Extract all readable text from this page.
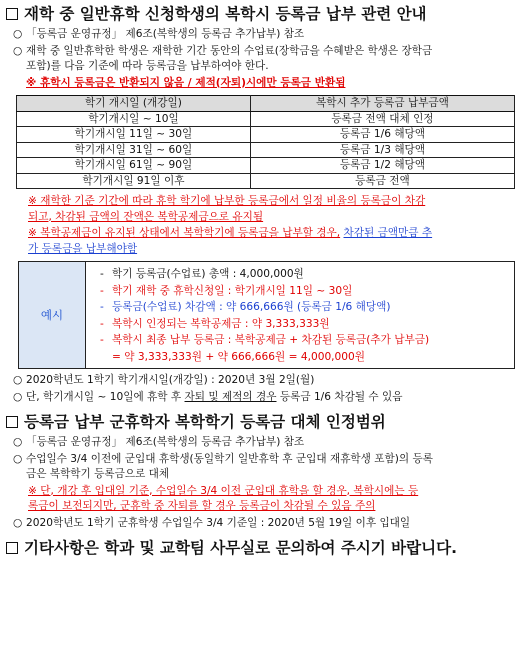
재학 중 일반휴학 신청학생의 복학시 등록금 납부 관련 안내
○ 「등록금 운영규정」 제6조(복학생의 등록금 추가납부) 참조
○ 재학 중 일반휴학한 학생은 재학한 기간 동안의 수업료(장학금을 수혜받은 학생은 장학금
포함)를 다음 기준에 따라 등록금을 납부하여야 한다.
※ 휴학시 등록금은 반환되지 않음 / 제적(자퇴)시에만 등록금 반환됨
학기 개시일 (개강일)	복학시 추가 등록금 납부금액
학기개시일 ~ 10일	등록금 전액 대체 인정
학기개시일 11일 ~ 30일	등록금 1/6 해당액
학기개시일 31일 ~ 60일	등록금 1/3 해당액
학기개시일 61일 ~ 90일	등록금 1/2 해당액
학기개시일 91일 이후	등록금 전액
※ 재학한 기준 기간에 따라 휴학 학기에 납부한 등록금에서 일정 비율의 등록금이 차감
되고, 차감된 금액의 잔액은 복학공제금으로 유지됨
※ 복학공제금이 유지된 상태에서 복학학기에 등록금을 납부할 경우, 차감된 금액만큼 추
가 등록금을 납부해야함
예시	
- 학기 등록금(수업료) 총액 : 4,000,000원
- 학기 재학 중 휴학신청일 : 학기개시일 11일 ~ 30일
- 등록금(수업료) 차감액 : 약 666,666원 (등록금 1/6 해당액)
- 복학시 인정되는 복학공제금 : 약 3,333,333원
- 복학시 최종 납부 등록금 : 복학공제금 + 차감된 등록금(추가 납부금)
= 약 3,333,333원 + 약 666,666원 = 4,000,000원
○ 2020학년도 1학기 학기개시일(개강일) : 2020년 3월 2일(월)
○ 단, 학기개시일 ~ 10일에 휴학 후 자퇴 및 제적의 경우 등록금 1/6 차감될 수 있음
등록금 납부 군휴학자 복학학기 등록금 대체 인정범위
○ 「등록금 운영규정」 제6조(복학생의 등록금 추가납부) 참조
○ 수업일수 3/4 이전에 군입대 휴학생(동일학기 일반휴학 후 군입대 재휴학생 포함)의 등록
금은 복학학기 등록금으로 대체
※ 단, 개강 후 입대일 기준, 수업일수 3/4 이전 군입대 휴학을 할 경우, 복학시에는 등
록금이 보전되지만, 군휴학 중 자퇴를 할 경우 등록금이 차감될 수 있음 주의
○ 2020학년도 1학기 군휴학생 수업일수 3/4 기준일 : 2020년 5월 19일 이후 입대일
기타사항은 학과 및 교학팀 사무실로 문의하여 주시기 바랍니다.
